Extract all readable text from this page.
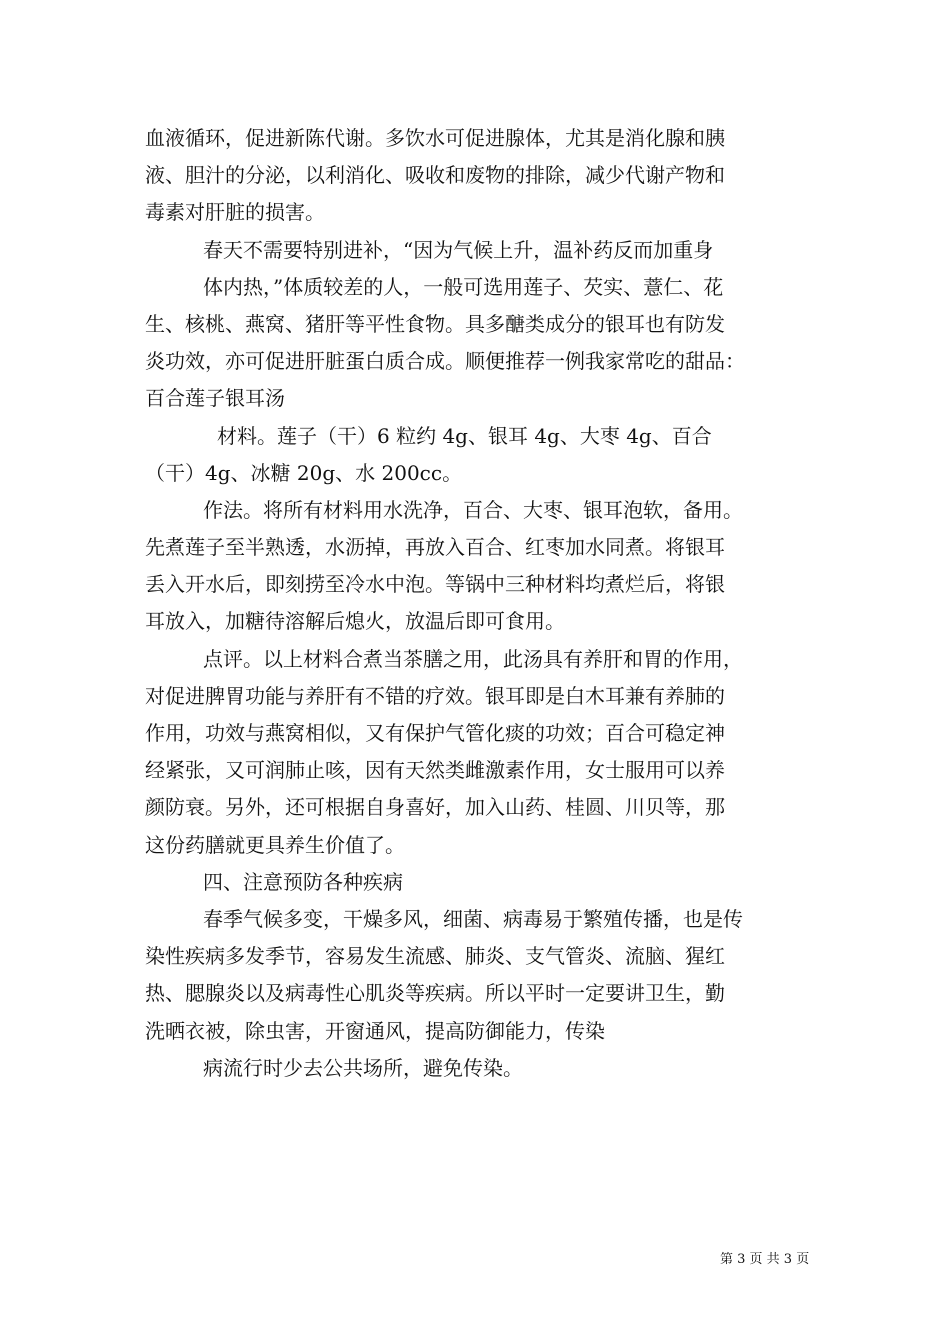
血液循环，促进新陈代谢。多饮水可促进腺体，尤其是消化腺和胰
液、胆汁的分泌，以利消化、吸收和废物的排除，减少代谢产物和
毒素对肝脏的损害。
春天不需要特别进补，“因为气候上升，温补药反而加重身
体内热，”体质较差的人，一般可选用莲子、芡实、薏仁、花
生、核桃、燕窝、猪肝等平性食物。具多醣类成分的银耳也有防发
炎功效，亦可促进肝脏蛋白质合成。顺便推荐一例我家常吃的甜品：
百合莲子银耳汤
材料。莲子（干）6 粒约 4g、银耳 4g、大枣 4g、百合
（干）4g、冰糖 20g、水 200cc。
作法。将所有材料用水洗净，百合、大枣、银耳泡软，备用。
先煮莲子至半熟透，水沥掉，再放入百合、红枣加水同煮。将银耳
丢入开水后，即刻捞至冷水中泡。等锅中三种材料均煮烂后，将银
耳放入，加糖待溶解后熄火，放温后即可食用。
点评。以上材料合煮当茶膳之用，此汤具有养肝和胃的作用，
对促进脾胃功能与养肝有不错的疗效。银耳即是白木耳兼有养肺的
作用，功效与燕窝相似，又有保护气管化痰的功效；百合可稳定神
经紧张，又可润肺止咳，因有天然类雌激素作用，女士服用可以养
颜防衰。另外，还可根据自身喜好，加入山药、桂圆、川贝等，那
这份药膳就更具养生价值了。
四、注意预防各种疾病
春季气候多变，干燥多风，细菌、病毒易于繁殖传播，也是传
染性疾病多发季节，容易发生流感、肺炎、支气管炎、流脑、猩红
热、腮腺炎以及病毒性心肌炎等疾病。所以平时一定要讲卫生，勤
洗晒衣被，除虫害，开窗通风，提高防御能力，传染
病流行时少去公共场所，避免传染。
第 3 页 共 3 页
